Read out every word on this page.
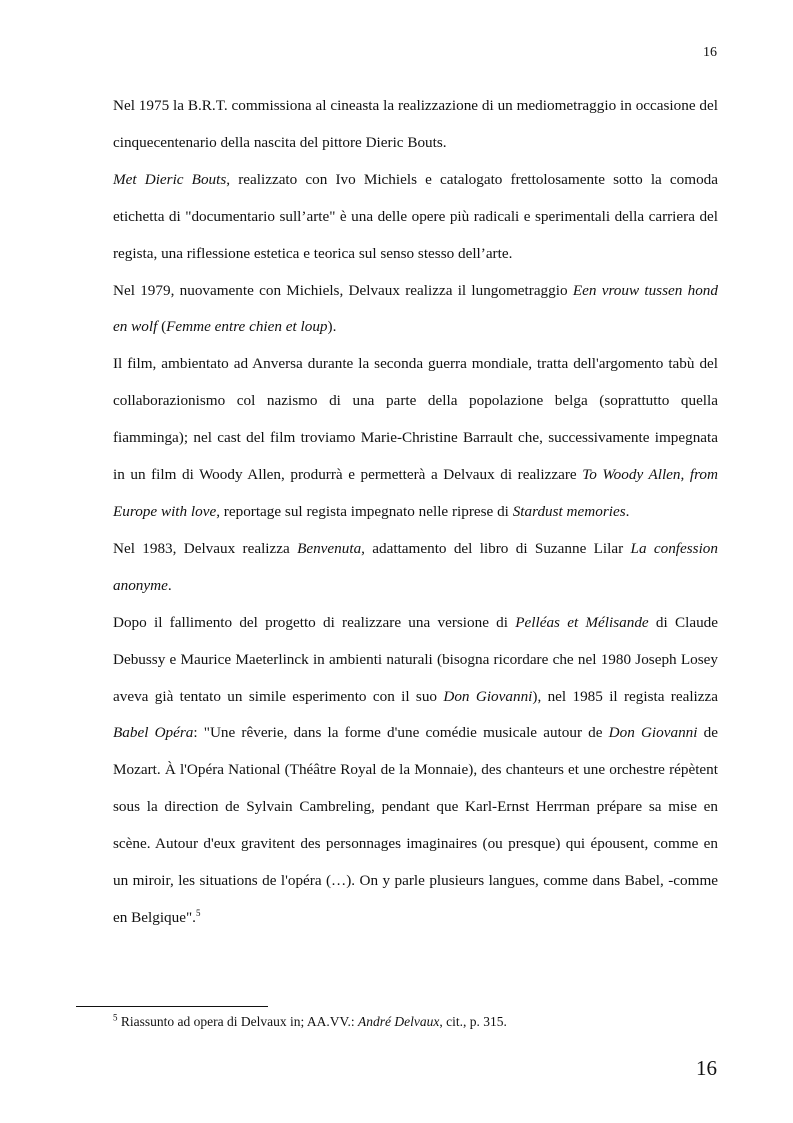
16

Nel 1975 la B.R.T. commissiona al cineasta la realizzazione di un mediometraggio in occasione del cinquecentenario della nascita del pittore Dieric Bouts.

Met Dieric Bouts, realizzato con Ivo Michiels e catalogato frettolosamente sotto la comoda etichetta di "documentario sull’arte" è una delle opere più radicali e sperimentali della carriera del regista, una riflessione estetica e teorica sul senso stesso dell’arte.

Nel 1979, nuovamente con Michiels, Delvaux realizza il lungometraggio Een vrouw tussen hond en wolf (Femme entre chien et loup).

Il film, ambientato ad Anversa durante la seconda guerra mondiale, tratta dell'argomento tabù del collaborazionismo col nazismo di una parte della popolazione belga (soprattutto quella fiamminga); nel cast del film troviamo Marie-Christine Barrault che, successivamente impegnata in un film di Woody Allen, produrrà e permetterà a Delvaux di realizzare To Woody Allen, from Europe with love, reportage sul regista impegnato nelle riprese di Stardust memories.

Nel 1983, Delvaux realizza Benvenuta, adattamento del libro di Suzanne Lilar La confession anonyme.

Dopo il fallimento del progetto di realizzare una versione di Pelléas et Mélisande di Claude Debussy e Maurice Maeterlinck in ambienti naturali (bisogna ricordare che nel 1980 Joseph Losey aveva già tentato un simile esperimento con il suo Don Giovanni), nel 1985 il regista realizza Babel Opéra: "Une rêverie, dans la forme d'une comédie musicale autour de Don Giovanni de Mozart. À l'Opéra National (Théâtre Royal de la Monnaie), des chanteurs et une orchestre répètent sous la direction de Sylvain Cambreling, pendant que Karl-Ernst Herrman prépare sa mise en scène. Autour d'eux gravitent des personnages imaginaires (ou presque) qui épousent, comme en un miroir, les situations de l'opéra (…). On y parle plusieurs langues, comme dans Babel, -comme en Belgique".$^5$

$^5$ Riassunto ad opera di Delvaux in; AA.VV.: André Delvaux, cit., p. 315.
16
